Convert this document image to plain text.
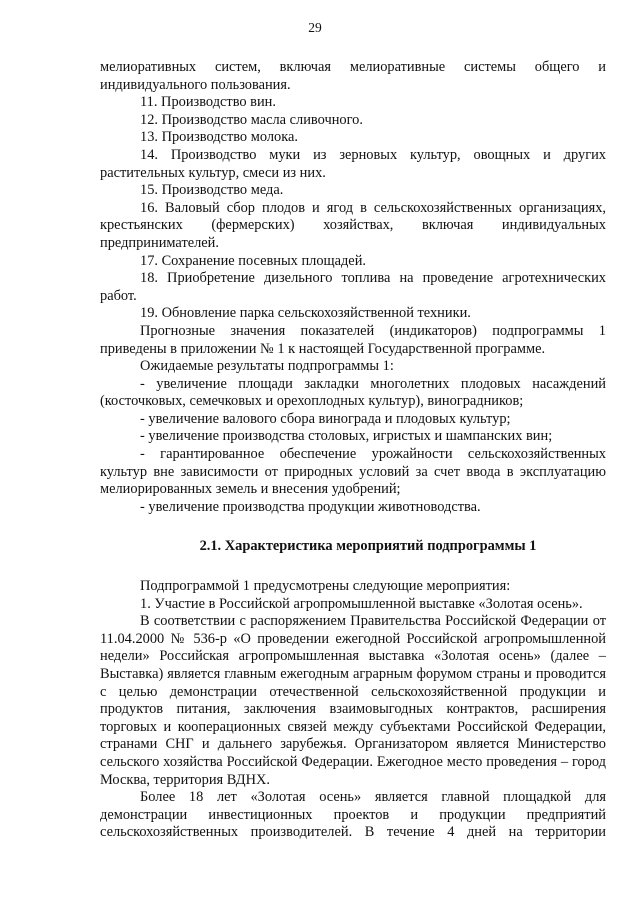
29

мелиоративных систем, включая мелиоративные системы общего и индивидуального пользования.

11. Производство вин.

12. Производство масла сливочного.

13. Производство молока.

14. Производство муки из зерновых культур, овощных и других растительных культур, смеси из них.

15. Производство меда.

16. Валовый сбор плодов и ягод в сельскохозяйственных организациях, крестьянских (фермерских) хозяйствах, включая индивидуальных предпринимателей.

17. Сохранение посевных площадей.

18. Приобретение дизельного топлива на проведение агротехнических работ.

19. Обновление парка сельскохозяйственной техники.

Прогнозные значения показателей (индикаторов) подпрограммы 1 приведены в приложении № 1 к настоящей Государственной программе.

Ожидаемые результаты подпрограммы 1:

- увеличение площади закладки многолетних плодовых насаждений (косточковых, семечковых и орехоплодных культур), виноградников;

- увеличение валового сбора винограда и плодовых культур;

- увеличение производства столовых, игристых и шампанских вин;

- гарантированное обеспечение урожайности сельскохозяйственных культур вне зависимости от природных условий за счет ввода в эксплуатацию мелиорированных земель и внесения удобрений;

- увеличение производства продукции животноводства.

2.1. Характеристика мероприятий подпрограммы 1

Подпрограммой 1 предусмотрены следующие мероприятия:

1. Участие в Российской агропромышленной выставке «Золотая осень».

В соответствии с распоряжением Правительства Российской Федерации от 11.04.2000 № 536-р «О проведении ежегодной Российской агропромышленной недели» Российская агропромышленная выставка «Золотая осень» (далее – Выставка) является главным ежегодным аграрным форумом страны и проводится с целью демонстрации отечественной сельскохозяйственной продукции и продуктов питания, заключения взаимовыгодных контрактов, расширения торговых и кооперационных связей между субъектами Российской Федерации, странами СНГ и дальнего зарубежья. Организатором является Министерство сельского хозяйства Российской Федерации. Ежегодное место проведения – город Москва, территория ВДНХ.

Более 18 лет «Золотая осень» является главной площадкой для демонстрации инвестиционных проектов и продукции предприятий сельскохозяйственных производителей. В течение 4 дней на территории
